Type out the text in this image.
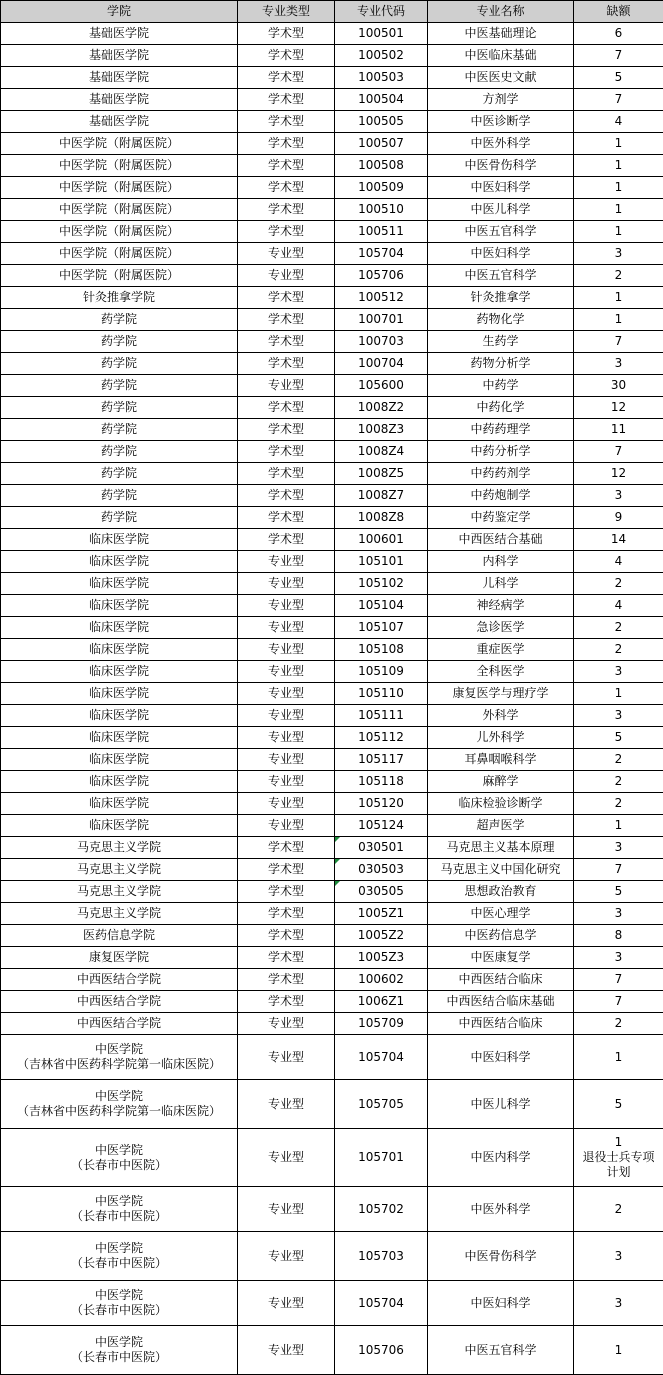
学院	专业类型	专业代码	专业名称	缺额

基础医学院	学术型	100501	中医基础理论	6

基础医学院	学术型	100502	中医临床基础	7

基础医学院	学术型	100503	中医医史文献	5

基础医学院	学术型	100504	方剂学	7

基础医学院	学术型	100505	中医诊断学	4

中医学院（附属医院）	学术型	100507	中医外科学	1

中医学院（附属医院）	学术型	100508	中医骨伤科学	1

中医学院（附属医院）	学术型	100509	中医妇科学	1

中医学院（附属医院）	学术型	100510	中医儿科学	1

中医学院（附属医院）	学术型	100511	中医五官科学	1

中医学院（附属医院）	专业型	105704	中医妇科学	3

中医学院（附属医院）	专业型	105706	中医五官科学	2

针灸推拿学院	学术型	100512	针灸推拿学	1

药学院	学术型	100701	药物化学	1

药学院	学术型	100703	生药学	7

药学院	学术型	100704	药物分析学	3

药学院	专业型	105600	中药学	30

药学院	学术型	1008Z2	中药化学	12

药学院	学术型	1008Z3	中药药理学	11

药学院	学术型	1008Z4	中药分析学	7

药学院	学术型	1008Z5	中药药剂学	12

药学院	学术型	1008Z7	中药炮制学	3

药学院	学术型	1008Z8	中药鉴定学	9

临床医学院	学术型	100601	中西医结合基础	14

临床医学院	专业型	105101	内科学	4

临床医学院	专业型	105102	儿科学	2

临床医学院	专业型	105104	神经病学	4

临床医学院	专业型	105107	急诊医学	2

临床医学院	专业型	105108	重症医学	2

临床医学院	专业型	105109	全科医学	3

临床医学院	专业型	105110	康复医学与理疗学	1

临床医学院	专业型	105111	外科学	3

临床医学院	专业型	105112	儿外科学	5

临床医学院	专业型	105117	耳鼻咽喉科学	2

临床医学院	专业型	105118	麻醉学	2

临床医学院	专业型	105120	临床检验诊断学	2

临床医学院	专业型	105124	超声医学	1

马克思主义学院	学术型	030501	马克思主义基本原理	3

马克思主义学院	学术型	030503	马克思主义中国化研究	7

马克思主义学院	学术型	030505	思想政治教育	5

马克思主义学院	学术型	1005Z1	中医心理学	3

医药信息学院	学术型	1005Z2	中医药信息学	8

康复医学院	学术型	1005Z3	中医康复学	3

中西医结合学院	学术型	100602	中西医结合临床	7

中西医结合学院	学术型	1006Z1	中西医结合临床基础	7

中西医结合学院	专业型	105709	中西医结合临床	2

中医学院
（吉林省中医药科学院第一临床医院）	专业型	105704	中医妇科学	1

中医学院
（吉林省中医药科学院第一临床医院）	专业型	105705	中医儿科学	5

中医学院
（长春市中医院）	专业型	105701	中医内科学	1
退役士兵专项
计划

中医学院
（长春市中医院）	专业型	105702	中医外科学	2

中医学院
（长春市中医院）	专业型	105703	中医骨伤科学	3

中医学院
（长春市中医院）	专业型	105704	中医妇科学	3

中医学院
（长春市中医院）	专业型	105706	中医五官科学	1
